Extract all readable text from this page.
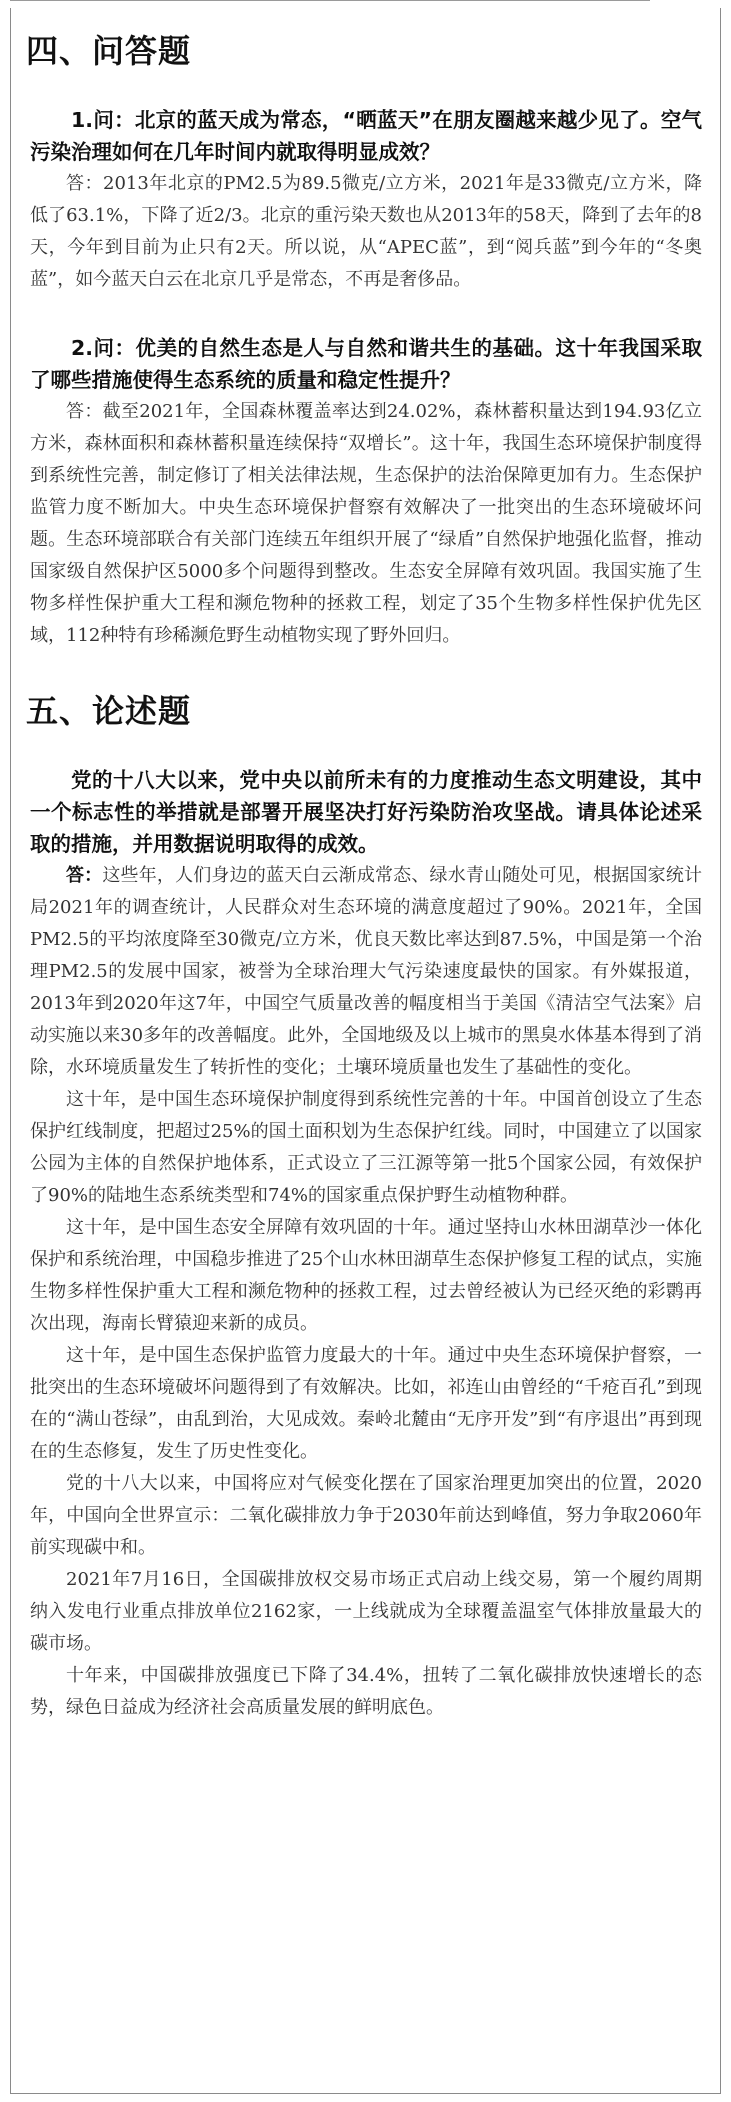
四、问答题

1.问：北京的蓝天成为常态，“晒蓝天”在朋友圈越来越少见了。空气污染治理如何在几年时间内就取得明显成效？

答：2013年北京的PM2.5为89.5微克/立方米，2021年是33微克/立方米，降低了63.1%，下降了近2/3。北京的重污染天数也从2013年的58天，降到了去年的8天，今年到目前为止只有2天。所以说，从“APEC蓝”，到“阅兵蓝”到今年的“冬奥蓝”，如今蓝天白云在北京几乎是常态，不再是奢侈品。

2.问：优美的自然生态是人与自然和谐共生的基础。这十年我国采取了哪些措施使得生态系统的质量和稳定性提升？

答：截至2021年，全国森林覆盖率达到24.02%，森林蓄积量达到194.93亿立方米，森林面积和森林蓄积量连续保持“双增长”。这十年，我国生态环境保护制度得到系统性完善，制定修订了相关法律法规，生态保护的法治保障更加有力。生态保护监管力度不断加大。中央生态环境保护督察有效解决了一批突出的生态环境破坏问题。生态环境部联合有关部门连续五年组织开展了“绿盾”自然保护地强化监督，推动国家级自然保护区5000多个问题得到整改。生态安全屏障有效巩固。我国实施了生物多样性保护重大工程和濒危物种的拯救工程，划定了35个生物多样性保护优先区域，112种特有珍稀濒危野生动植物实现了野外回归。

五、论述题

党的十八大以来，党中央以前所未有的力度推动生态文明建设，其中一个标志性的举措就是部署开展坚决打好污染防治攻坚战。请具体论述采取的措施，并用数据说明取得的成效。

答：这些年，人们身边的蓝天白云渐成常态、绿水青山随处可见，根据国家统计局2021年的调查统计，人民群众对生态环境的满意度超过了90%。2021年，全国PM2.5的平均浓度降至30微克/立方米，优良天数比率达到87.5%，中国是第一个治理PM2.5的发展中国家，被誉为全球治理大气污染速度最快的国家。有外媒报道，2013年到2020年这7年，中国空气质量改善的幅度相当于美国《清洁空气法案》启动实施以来30多年的改善幅度。此外，全国地级及以上城市的黑臭水体基本得到了消除，水环境质量发生了转折性的变化；土壤环境质量也发生了基础性的变化。

这十年，是中国生态环境保护制度得到系统性完善的十年。中国首创设立了生态保护红线制度，把超过25%的国土面积划为生态保护红线。同时，中国建立了以国家公园为主体的自然保护地体系，正式设立了三江源等第一批5个国家公园，有效保护了90%的陆地生态系统类型和74%的国家重点保护野生动植物种群。

这十年，是中国生态安全屏障有效巩固的十年。通过坚持山水林田湖草沙一体化保护和系统治理，中国稳步推进了25个山水林田湖草生态保护修复工程的试点，实施生物多样性保护重大工程和濒危物种的拯救工程，过去曾经被认为已经灭绝的彩鹮再次出现，海南长臂猿迎来新的成员。

这十年，是中国生态保护监管力度最大的十年。通过中央生态环境保护督察，一批突出的生态环境破坏问题得到了有效解决。比如，祁连山由曾经的“千疮百孔”到现在的“满山苍绿”，由乱到治，大见成效。秦岭北麓由“无序开发”到“有序退出”再到现在的生态修复，发生了历史性变化。

党的十八大以来，中国将应对气候变化摆在了国家治理更加突出的位置，2020年，中国向全世界宣示：二氧化碳排放力争于2030年前达到峰值，努力争取2060年前实现碳中和。

2021年7月16日，全国碳排放权交易市场正式启动上线交易，第一个履约周期纳入发电行业重点排放单位2162家，一上线就成为全球覆盖温室气体排放量最大的碳市场。

十年来，中国碳排放强度已下降了34.4%，扭转了二氧化碳排放快速增长的态势，绿色日益成为经济社会高质量发展的鲜明底色。
